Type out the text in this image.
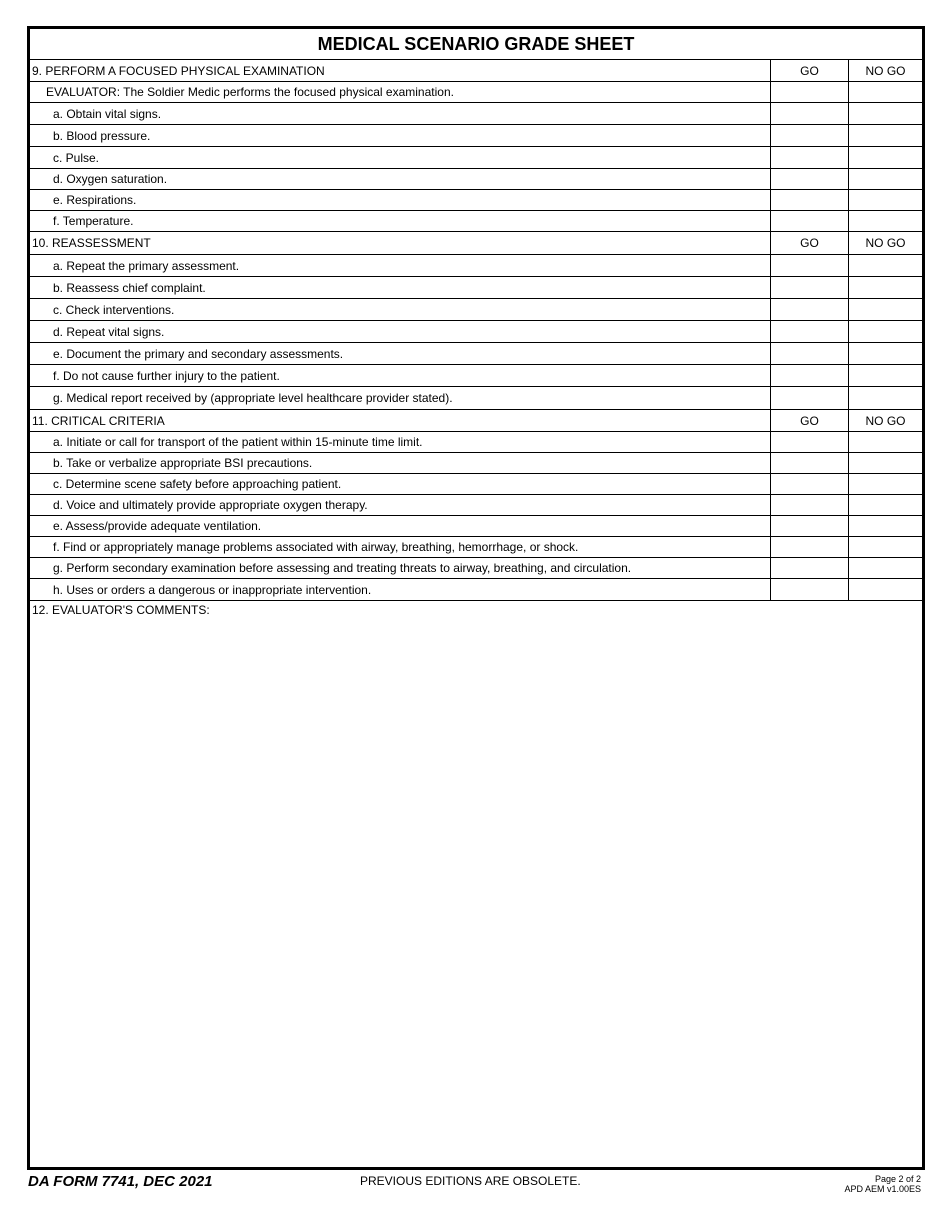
MEDICAL SCENARIO GRADE SHEET
9. PERFORM A FOCUSED PHYSICAL EXAMINATION	GO	NO GO
EVALUATOR: The Soldier Medic performs the focused physical examination.
a. Obtain vital signs.
b. Blood pressure.
c. Pulse.
d. Oxygen saturation.
e. Respirations.
f. Temperature.
10. REASSESSMENT	GO	NO GO
a. Repeat the primary assessment.
b. Reassess chief complaint.
c. Check interventions.
d. Repeat vital signs.
e. Document the primary and secondary assessments.
f. Do not cause further injury to the patient.
g. Medical report received by (appropriate level healthcare provider stated).
11. CRITICAL CRITERIA	GO	NO GO
a. Initiate or call for transport of the patient within 15-minute time limit.
b. Take or verbalize appropriate BSI precautions.
c. Determine scene safety before approaching patient.
d. Voice and ultimately provide appropriate oxygen therapy.
e. Assess/provide adequate ventilation.
f. Find or appropriately manage problems associated with airway, breathing, hemorrhage, or shock.
g. Perform secondary examination before assessing and treating threats to airway, breathing, and circulation.
h. Uses or orders a dangerous or inappropriate intervention.
12. EVALUATOR'S COMMENTS:
DA FORM 7741, DEC 2021	PREVIOUS EDITIONS ARE OBSOLETE.	Page 2 of 2
APD AEM v1.00ES
